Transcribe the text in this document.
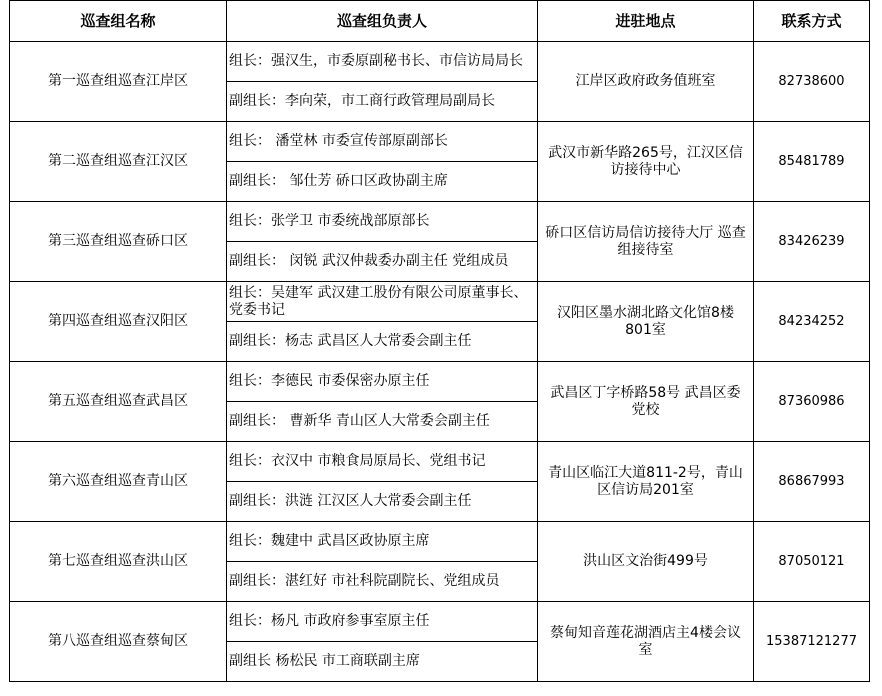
巡查组名称	巡查组负责人	进驻地点	联系方式
第一巡查组巡查江岸区	组长：强汉生，市委原副秘书长、市信访局局长	江岸区政府政务值班室	82738600
	副组长：李向荣，市工商行政管理局副局长		
第二巡查组巡查江汉区	组长： 潘堂林 市委宣传部原副部长	武汉市新华路265号，江汉区信访接待中心	85481789
	副组长： 邹仕芳 硚口区政协副主席		
第三巡查组巡查硚口区	组长：张学卫 市委统战部原部长	硚口区信访局信访接待大厅 巡查组接待室	83426239
	副组长： 闵锐 武汉仲裁委办副主任 党组成员		
第四巡查组巡查汉阳区	组长：吴建军 武汉建工股份有限公司原董事长、党委书记	汉阳区墨水湖北路文化馆8楼801室	84234252
	副组长：杨志 武昌区人大常委会副主任		
第五巡查组巡查武昌区	组长：李德民 市委保密办原主任	武昌区丁字桥路58号 武昌区委党校	87360986
	副组长： 曹新华 青山区人大常委会副主任		
第六巡查组巡查青山区	组长：衣汉中 市粮食局原局长、党组书记	青山区临江大道811-2号，青山区信访局201室	86867993
	副组长：洪涟 江汉区人大常委会副主任		
第七巡查组巡查洪山区	组长：魏建中 武昌区政协原主席	洪山区文治街499号	87050121
	副组长：湛红好 市社科院副院长、党组成员		
第八巡查组巡查蔡甸区	组长：杨凡 市政府参事室原主任	蔡甸知音莲花湖酒店主4楼会议室	15387121277
	副组长 杨松民 市工商联副主席		
